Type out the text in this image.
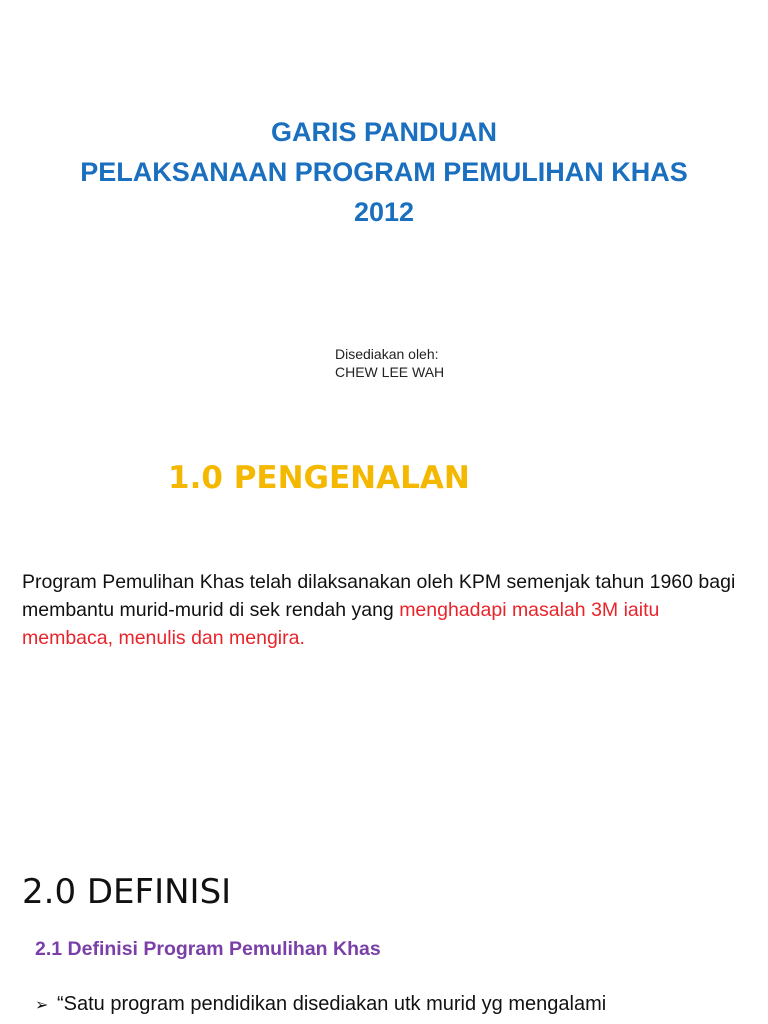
GARIS PANDUAN
PELAKSANAAN PROGRAM PEMULIHAN KHAS
2012
Disediakan oleh:
CHEW LEE WAH
1.0 PENGENALAN

Program Pemulihan Khas telah dilaksanakan oleh KPM semenjak tahun 1960 bagi membantu murid-murid di sek rendah yang menghadapi masalah 3M iaitu membaca, menulis dan mengira.

2.0 DEFINISI
2.1 Definisi Program Pemulihan Khas
➢ “Satu program pendidikan disediakan utk murid yg mengalami
